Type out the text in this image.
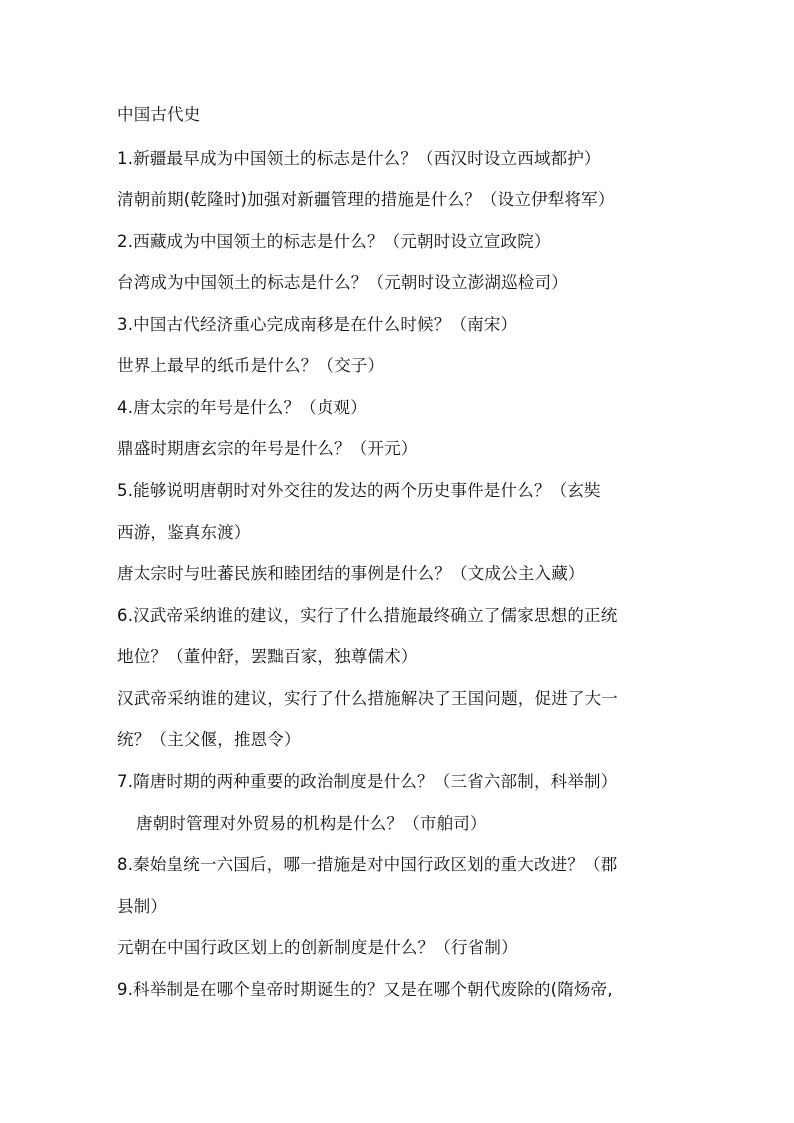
中国古代史
1.新疆最早成为中国领土的标志是什么？（西汉时设立西域都护）
清朝前期(乾隆时)加强对新疆管理的措施是什么？（设立伊犁将军）
2.西藏成为中国领土的标志是什么？（元朝时设立宣政院）
台湾成为中国领土的标志是什么？（元朝时设立澎湖巡检司）
3.中国古代经济重心完成南移是在什么时候？（南宋）
世界上最早的纸币是什么？（交子）
4.唐太宗的年号是什么？（贞观）
鼎盛时期唐玄宗的年号是什么？（开元）
5.能够说明唐朝时对外交往的发达的两个历史事件是什么？（玄奘
西游，鉴真东渡）
唐太宗时与吐蕃民族和睦团结的事例是什么？（文成公主入藏）
6.汉武帝采纳谁的建议，实行了什么措施最终确立了儒家思想的正统
地位？（董仲舒，罢黜百家，独尊儒术）
汉武帝采纳谁的建议，实行了什么措施解决了王国问题，促进了大一
统？（主父偃，推恩令）
7.隋唐时期的两种重要的政治制度是什么？（三省六部制，科举制）
唐朝时管理对外贸易的机构是什么？（市舶司）
8.秦始皇统一六国后，哪一措施是对中国行政区划的重大改进？（郡
县制）
元朝在中国行政区划上的创新制度是什么？（行省制）
9.科举制是在哪个皇帝时期诞生的？又是在哪个朝代废除的(隋炀帝,
